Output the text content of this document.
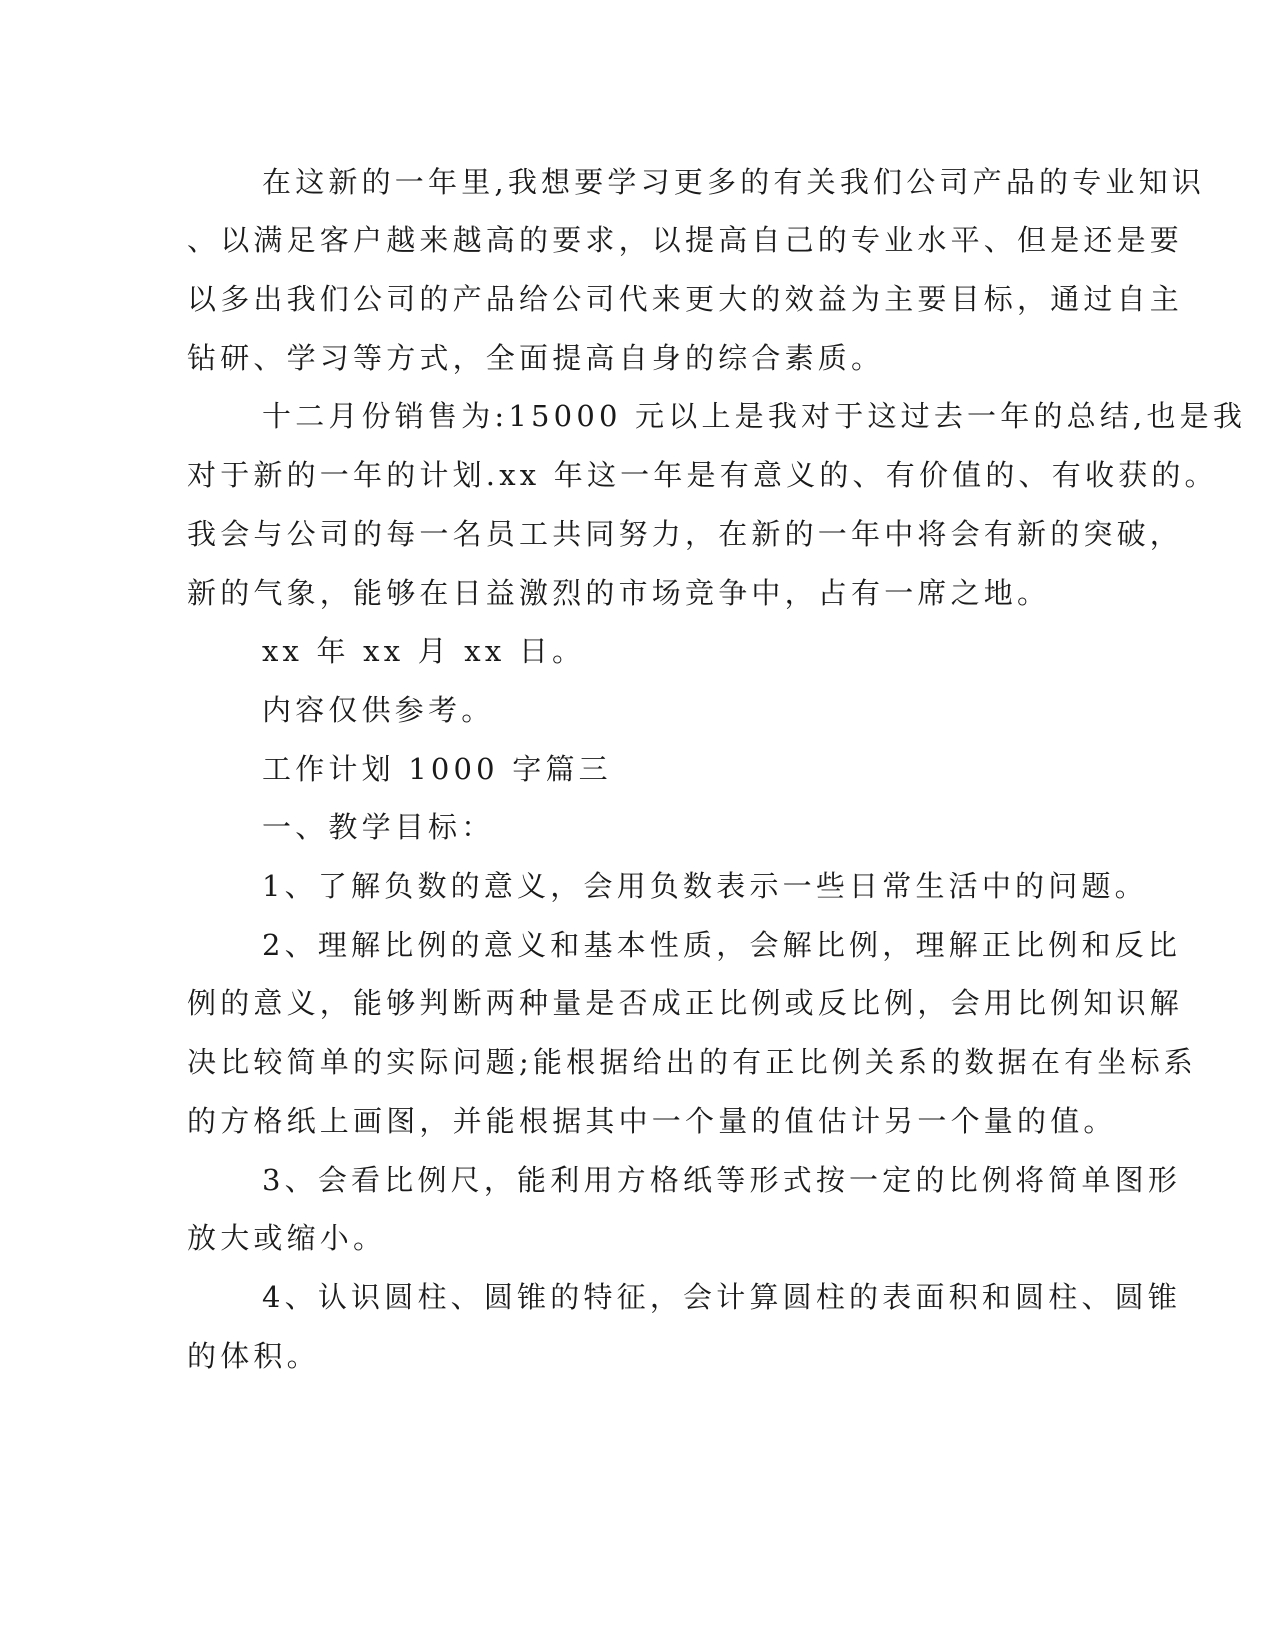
在这新的一年里,我想要学习更多的有关我们公司产品的专业知识
、以满足客户越来越高的要求，以提高自己的专业水平、但是还是要
以多出我们公司的产品给公司代来更大的效益为主要目标，通过自主
钻研、学习等方式，全面提高自身的综合素质。
十二月份销售为:15000 元以上是我对于这过去一年的总结,也是我
对于新的一年的计划.xx 年这一年是有意义的、有价值的、有收获的。
我会与公司的每一名员工共同努力，在新的一年中将会有新的突破，
新的气象，能够在日益激烈的市场竞争中，占有一席之地。
xx 年 xx 月 xx 日。
内容仅供参考。
工作计划 1000 字篇三
一、教学目标：
1、了解负数的意义，会用负数表示一些日常生活中的问题。
2、理解比例的意义和基本性质，会解比例，理解正比例和反比
例的意义，能够判断两种量是否成正比例或反比例，会用比例知识解
决比较简单的实际问题;能根据给出的有正比例关系的数据在有坐标系
的方格纸上画图，并能根据其中一个量的值估计另一个量的值。
3、会看比例尺，能利用方格纸等形式按一定的比例将简单图形
放大或缩小。
4、认识圆柱、圆锥的特征，会计算圆柱的表面积和圆柱、圆锥
的体积。
